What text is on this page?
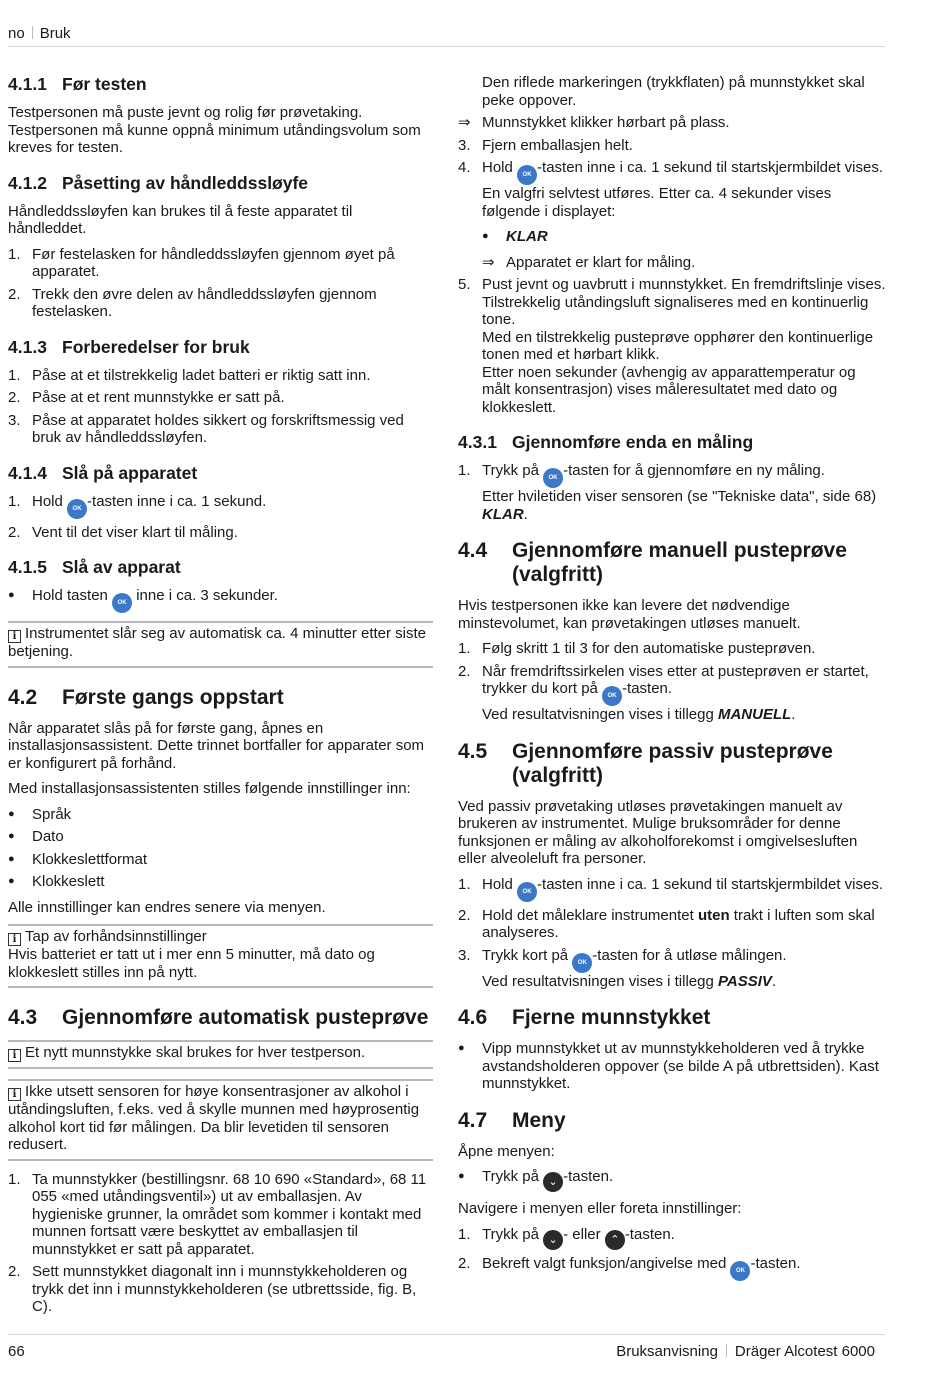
no Bruk
4.1.1 Før testen

Testpersonen må puste jevnt og rolig før prøvetaking. Testpersonen må kunne oppnå minimum utåndingsvolum som kreves for testen.

4.1.2 Påsetting av håndleddssløyfe

Håndleddssløyfen kan brukes til å feste apparatet til håndleddet.

1. Før festelasken for håndleddssløyfen gjennom øyet på apparatet.
2. Trekk den øvre delen av håndleddssløyfen gjennom festelasken.
4.1.3 Forberedelser for bruk
1. Påse at et tilstrekkelig ladet batteri er riktig satt inn.
2. Påse at et rent munnstykke er satt på.
3. Påse at apparatet holdes sikkert og forskriftsmessig ved bruk av håndleddssløyfen.
4.1.4 Slå på apparatet
1. Hold OK -tasten inne i ca. 1 sekund.
2. Vent til det viser klart til måling.
4.1.5 Slå av apparat
● Hold tasten OK inne i ca. 3 sekunder.
i Instrumentet slår seg av automatisk ca. 4 minutter etter siste betjening.
4.2 Første gangs oppstart

Når apparatet slås på for første gang, åpnes en installasjonsassistent. Dette trinnet bortfaller for apparater som er konfigurert på forhånd.

Med installasjonsassistenten stilles følgende innstillinger inn:

● Språk
● Dato
● Klokkeslettformat
● Klokkeslett

Alle innstillinger kan endres senere via menyen.

i Tap av forhåndsinnstillinger
Hvis batteriet er tatt ut i mer enn 5 minutter, må dato og klokkeslett stilles inn på nytt.
4.3 Gjennomføre automatisk pusteprøve
i Et nytt munnstykke skal brukes for hver testperson.
i Ikke utsett sensoren for høye konsentrasjoner av alkohol i utåndingsluften, f.eks. ved å skylle munnen med høyprosentig alkohol kort tid før målingen. Da blir levetiden til sensoren redusert.
1. Ta munnstykker (bestillingsnr. 68 10 690 «Standard», 68 11 055 «med utåndingsventil») ut av emballasjen. Av hygieniske grunner, la området som kommer i kontakt med munnen fortsatt være beskyttet av emballasjen til munnstykket er satt på apparatet.
2. Sett munnstykket diagonalt inn i munnstykkeholderen og trykk det inn i munnstykkeholderen (se utbrettsside, fig. B, C).

Den riflede markeringen (trykkflaten) på munnstykket skal peke oppover.

⇒ Munnstykket klikker hørbart på plass.
3. Fjern emballasjen helt.
4. Hold OK -tasten inne i ca. 1 sekund til startskjermbildet vises.
En valgfri selvtest utføres. Etter ca. 4 sekunder vises følgende i displayet:
● KLAR
⇒ Apparatet er klart for måling.
5. Pust jevnt og uavbrutt i munnstykket. En fremdriftslinje vises. Tilstrekkelig utåndingsluft signaliseres med en kontinuerlig tone.
Med en tilstrekkelig pusteprøve opphører den kontinuerlige tonen med et hørbart klikk.
Etter noen sekunder (avhengig av apparattemperatur og målt konsentrasjon) vises måleresultatet med dato og klokkeslett.
4.3.1 Gjennomføre enda en måling
1. Trykk på OK -tasten for å gjennomføre en ny måling.
Etter hviletiden viser sensoren (se "Tekniske data", side 68) KLAR.
4.4 Gjennomføre manuell pusteprøve (valgfritt)

Hvis testpersonen ikke kan levere det nødvendige minstevolumet, kan prøvetakingen utløses manuelt.

1. Følg skritt 1 til 3 for den automatiske pusteprøven.
2. Når fremdriftssirkelen vises etter at pusteprøven er startet, trykker du kort på OK -tasten.
Ved resultatvisningen vises i tillegg MANUELL.
4.5 Gjennomføre passiv pusteprøve (valgfritt)

Ved passiv prøvetaking utløses prøvetakingen manuelt av brukeren av instrumentet. Mulige bruksområder for denne funksjonen er måling av alkoholforekomst i omgivelsesluften eller alveoleluft fra personer.

1. Hold OK -tasten inne i ca. 1 sekund til startskjermbildet vises.
2. Hold det måleklare instrumentet uten trakt i luften som skal analyseres.
3. Trykk kort på OK -tasten for å utløse målingen.
Ved resultatvisningen vises i tillegg PASSIV.
4.6 Fjerne munnstykket
● Vipp munnstykket ut av munnstykkeholderen ved å trykke avstandsholderen oppover (se bilde A på utbrettsiden). Kast munnstykket.
4.7 Meny

Åpne menyen:

● Trykk på ⌄ -tasten.

Navigere i menyen eller foreta innstillinger:

1. Trykk på ⌄ - eller ⌃ -tasten.
2. Bekreft valgt funksjon/angivelse med OK -tasten.
66	Bruksanvisning Dräger Alcotest 6000
